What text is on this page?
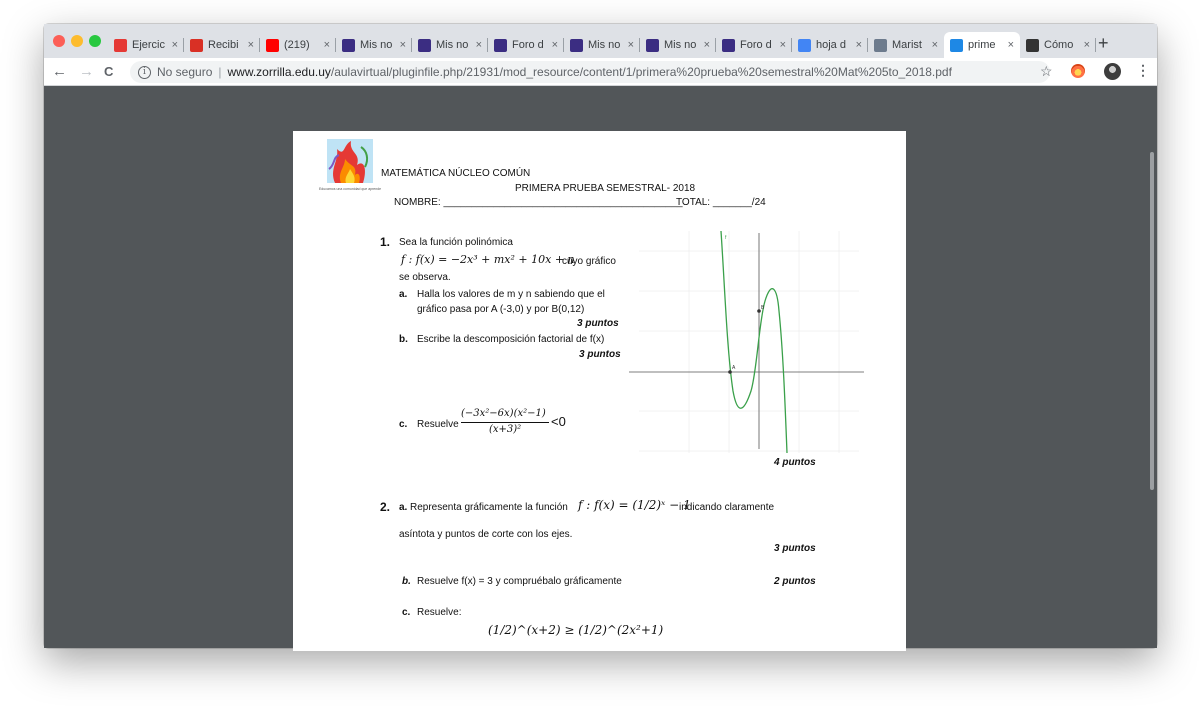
Ejercic ×	Recibi ×	(219)	×	Mis no ×	Mis no ×	Foro d ×	Mis no ×	Mis no ×	Foro d ×	hoja d ×	Marist ×	prime	×	Cómo × +
← → C	i No seguro | www.zorrilla.edu.uy /aulavirtual/pluginfile.php/21931/mod_resource/content/1/primera%20prueba%20semestral%20Mat%205to_2018.pdf	☆	⋮
Educamos una comunidad que aprende
MATEMÁTICA NÚCLEO COMÚN
PRIMERA PRUEBA SEMESTRAL- 2018
NOMBRE: ___________________________________________
TOTAL: _______/24
1. Sea la función polinómica
f : f(x) = −2x³ + mx² + 10x + n
cuyo gráfico
se observa.
a. Halla los valores de m y n sabiendo que el
gráfico pasa por A (-3,0) y por B(0,12)
3 puntos
b. Escribe la descomposición factorial de f(x)
3 puntos
c. Resuelve
(−3x²−6x)(x²−1)
(x+3)²
<0
4 puntos
A
B
f
2. a. Representa gráficamente la función f : f(x) = (1/2)ˣ − 1
indicando claramente
asíntota y puntos de corte con los ejes.
3 puntos
b. Resuelve f(x) = 3 y compruébalo gráficamente	2 puntos
c. Resuelve:
(1/2)^(x+2) ≥ (1/2)^(2x²+1)
